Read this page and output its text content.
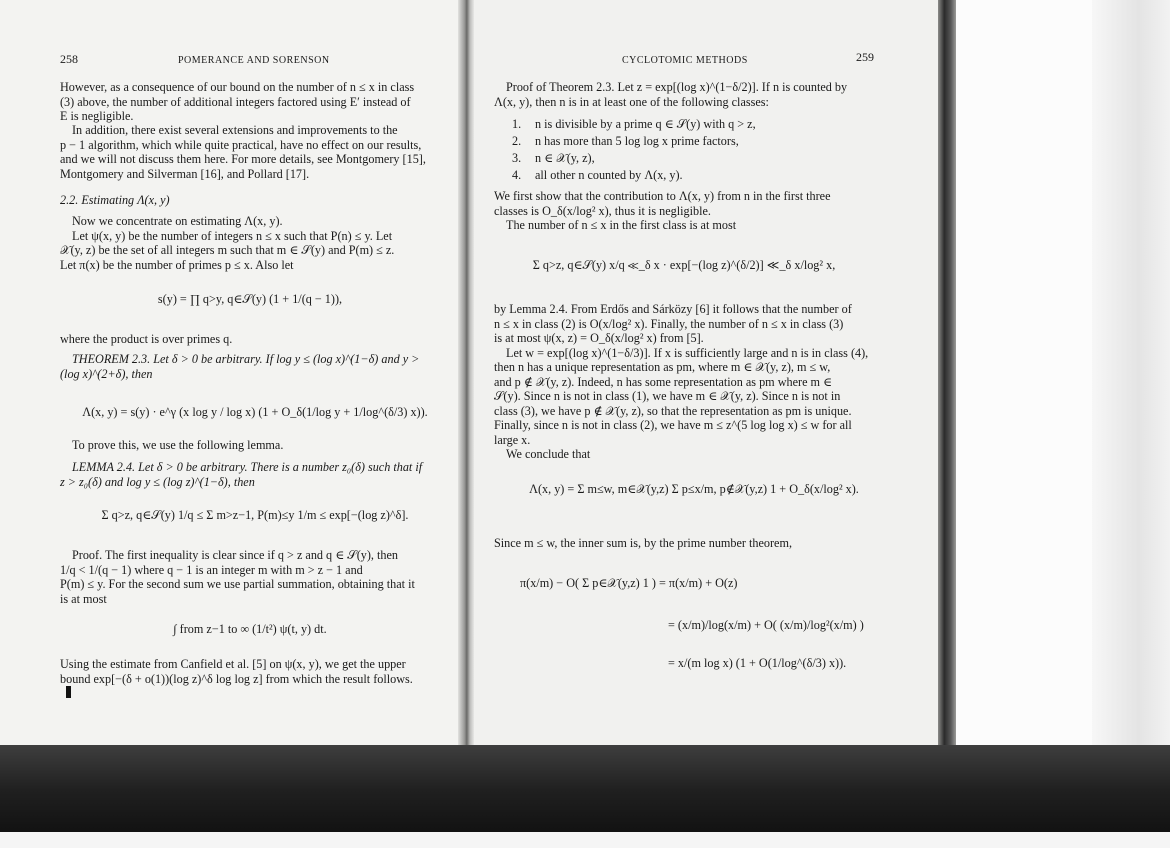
258	POMERANCE AND SORENSON
However, as a consequence of our bound on the number of n ≤ x in class
(3) above, the number of additional integers factored using E′ instead of
E is negligible.
In addition, there exist several extensions and improvements to the
p − 1 algorithm, which while quite practical, have no effect on our results,
and we will not discuss them here. For more details, see Montgomery [15],
Montgomery and Silverman [16], and Pollard [17].
2.2. Estimating Λ(x, y)
Now we concentrate on estimating Λ(x, y).
Let ψ(x, y) be the number of integers n ≤ x such that P(n) ≤ y. Let
𝒳(y, z) be the set of all integers m such that m ∈ 𝒮(y) and P(m) ≤ z.
Let π(x) be the number of primes p ≤ x. Also let
s(y) = ∏ q>y, q∈𝒮(y) (1 + 1/(q − 1)),
where the product is over primes q.
THEOREM 2.3. Let δ > 0 be arbitrary. If log y ≤ (log x)^(1−δ) and y >
(log x)^(2+δ), then
Λ(x, y) = s(y) · e^γ (x log y / log x) (1 + O_δ(1/log y + 1/log^(δ/3) x)).
To prove this, we use the following lemma.
LEMMA 2.4. Let δ > 0 be arbitrary. There is a number z₀(δ) such that if
z > z₀(δ) and log y ≤ (log z)^(1−δ), then
Σ q>z, q∈𝒮(y) 1/q ≤ Σ m>z−1, P(m)≤y 1/m ≤ exp[−(log z)^δ].
Proof. The first inequality is clear since if q > z and q ∈ 𝒮(y), then
1/q < 1/(q − 1) where q − 1 is an integer m with m > z − 1 and
P(m) ≤ y. For the second sum we use partial summation, obtaining that it
is at most
∫ from z−1 to ∞ (1/t²) ψ(t, y) dt.
Using the estimate from Canfield et al. [5] on ψ(x, y), we get the upper
bound exp[−(δ + o(1))(log z)^δ log log z] from which the result follows.
CYCLOTOMIC METHODS	259
Proof of Theorem 2.3. Let z = exp[(log x)^(1−δ/2)]. If n is counted by
Λ(x, y), then n is in at least one of the following classes:
1. n is divisible by a prime q ∈ 𝒮(y) with q > z,
2. n has more than 5 log log x prime factors,
3. n ∈ 𝒳(y, z),
4. all other n counted by Λ(x, y).
We first show that the contribution to Λ(x, y) from n in the first three
classes is O_δ(x/log² x), thus it is negligible.
The number of n ≤ x in the first class is at most
Σ q>z, q∈𝒮(y) x/q ≪_δ x · exp[−(log z)^(δ/2)] ≪_δ x/log² x,
by Lemma 2.4. From Erdős and Sárközy [6] it follows that the number of
n ≤ x in class (2) is O(x/log² x). Finally, the number of n ≤ x in class (3)
is at most ψ(x, z) = O_δ(x/log² x) from [5].
Let w = exp[(log x)^(1−δ/3)]. If x is sufficiently large and n is in class (4),
then n has a unique representation as pm, where m ∈ 𝒳(y, z), m ≤ w,
and p ∉ 𝒳(y, z). Indeed, n has some representation as pm where m ∈
𝒮(y). Since n is not in class (1), we have m ∈ 𝒳(y, z). Since n is not in
class (3), we have p ∉ 𝒳(y, z), so that the representation as pm is unique.
Finally, since n is not in class (2), we have m ≤ z^(5 log log x) ≤ w for all
large x.
We conclude that
Λ(x, y) = Σ m≤w, m∈𝒳(y,z) Σ p≤x/m, p∉𝒳(y,z) 1 + O_δ(x/log² x).
Since m ≤ w, the inner sum is, by the prime number theorem,
π(x/m) − O( Σ p∈𝒳(y,z) 1 ) = π(x/m) + O(z)
= (x/m)/log(x/m) + O( (x/m)/log²(x/m) )
= x/(m log x) (1 + O(1/log^(δ/3) x)).
